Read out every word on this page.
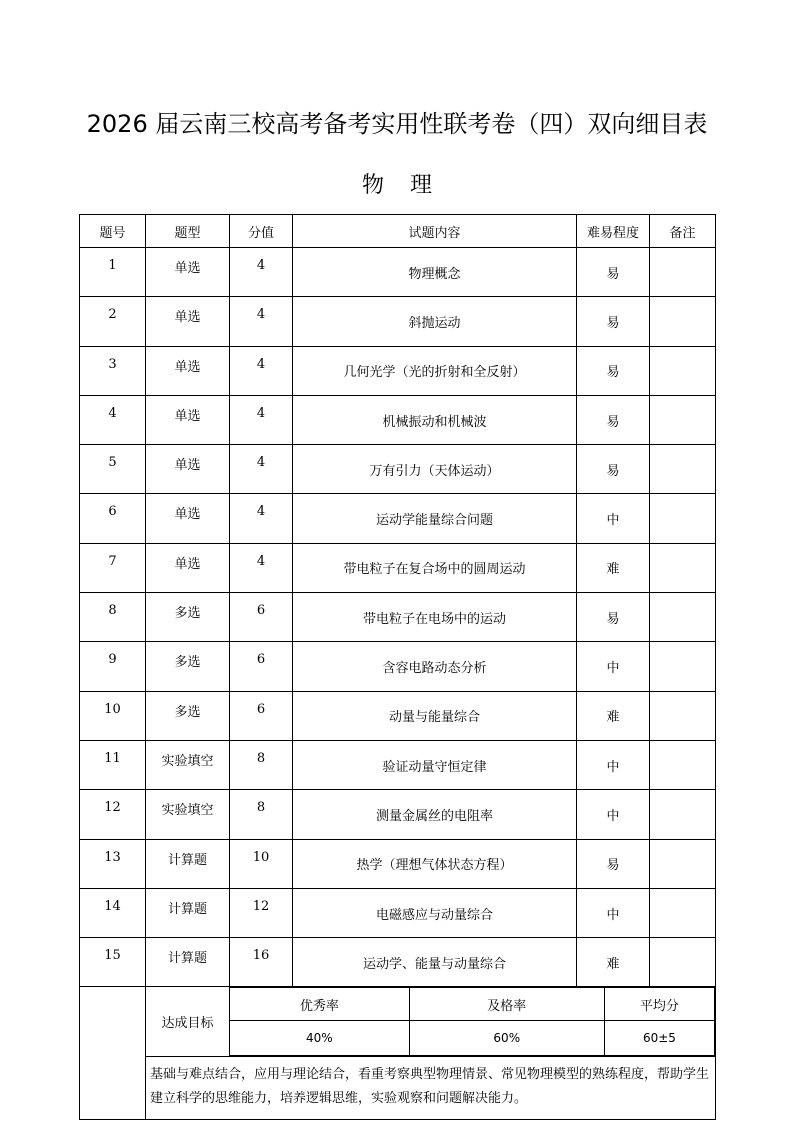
2026 届云南三校高考备考实用性联考卷（四）双向细目表
物理
题号	题型	分值	试题内容	难易程度	备注
1	单选	4	物理概念	易	
2	单选	4	斜抛运动	易	
3	单选	4	几何光学（光的折射和全反射）	易	
4	单选	4	机械振动和机械波	易	
5	单选	4	万有引力（天体运动）	易	
6	单选	4	运动学能量综合问题	中	
7	单选	4	带电粒子在复合场中的圆周运动	难	
8	多选	6	带电粒子在电场中的运动	易	
9	多选	6	含容电路动态分析	中	
10	多选	6	动量与能量综合	难	
11	实验填空	8	验证动量守恒定律	中	
12	实验填空	8	测量金属丝的电阻率	中	
13	计算题	10	热学（理想气体状态方程）	易	
14	计算题	12	电磁感应与动量综合	中	
15	计算题	16	运动学、能量与动量综合	难	
	达成目标	
优秀率	及格率	平均分
40%	60%	60±5

基础与难点结合，应用与理论结合，看重考察典型物理情景、常见物理模型的熟练程度，帮助学生建立科学的思维能力，培养逻辑思维，实验观察和问题解决能力。
